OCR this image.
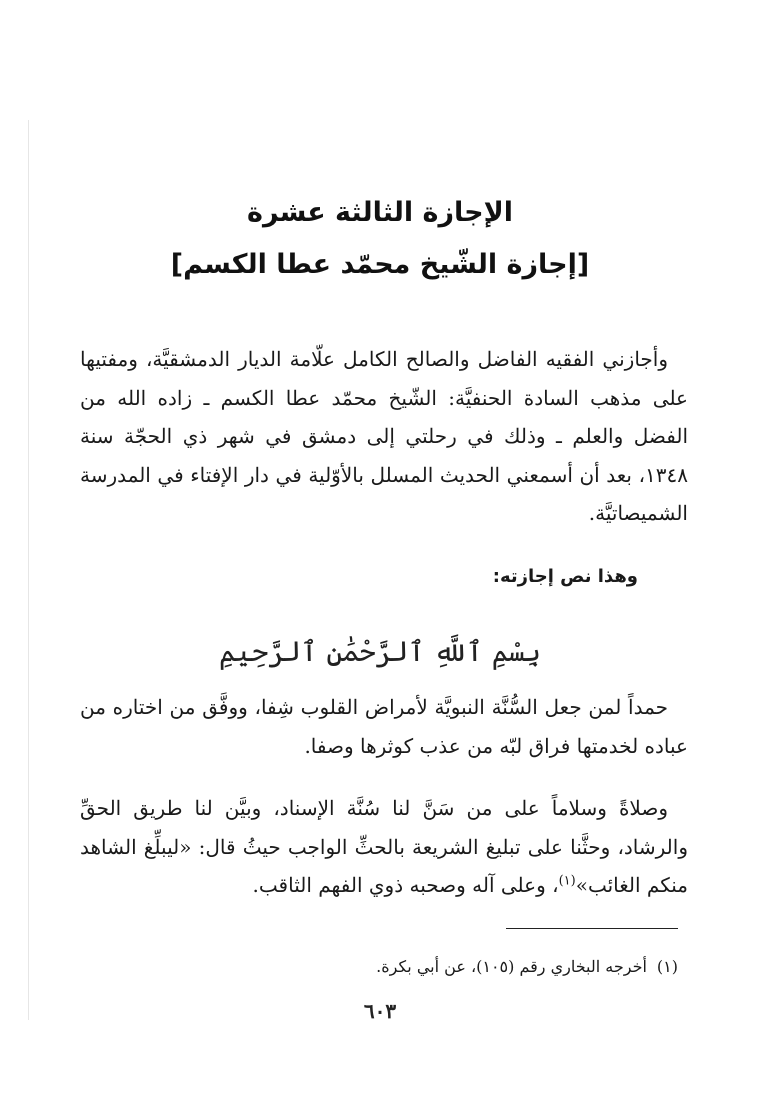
الإجازة الثالثة عشرة
[إجازة الشّيخ محمّد عطا الكسم]

وأجازني الفقيه الفاضل والصالح الكامل علّامة الديار الدمشقيَّة، ومفتيها على مذهب السادة الحنفيَّة: الشّيخ محمّد عطا الكسم ـ زاده الله من الفضل والعلم ـ وذلك في رحلتي إلى دمشق في شهر ذي الحجّة سنة ١٣٤٨، بعد أن أسمعني الحديث المسلل بالأوّلية في دار الإفتاء في المدرسة الشميصاتيَّة.

وهذا نص إجازته:

بِسْمِ ٱللَّهِ ٱلرَّحْمَٰنِ ٱلرَّحِيمِ

حمداً لمن جعل السُّنَّة النبويَّة لأمراض القلوب شِفا، ووفَّق من اختاره من عباده لخدمتها فراق لبّه من عذب كوثرها وصفا.

وصلاةً وسلاماً على من سَنَّ لنا سُنَّة الإسناد، وبيَّن لنا طريق الحقِّ والرشاد، وحثَّنا على تبليغ الشريعة بالحثِّ الواجب حيثُ قال: «ليبلِّغ الشاهد منكم الغائب»$^{(١)}$، وعلى آله وصحبه ذوي الفهم الثاقب.

(١)أخرجه البخاري رقم (١٠٥)، عن أبي بكرة.

٦٠٣
